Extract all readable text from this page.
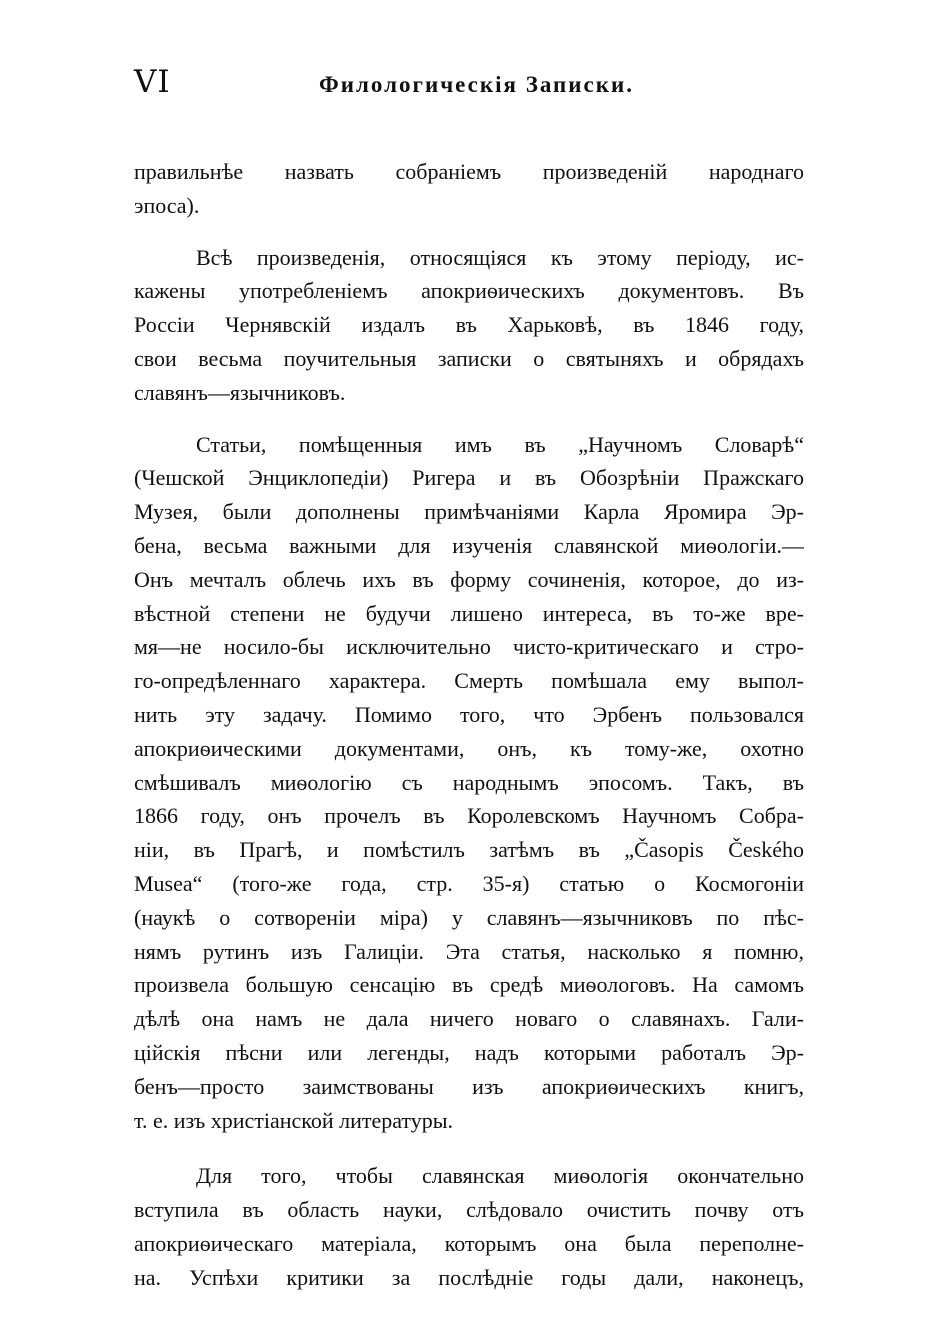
VI	Филологическія Записки.
правильнѣе назвать собраніемъ произведеній народнаго
эпоса).
Всѣ произведенія, относящіяся къ этому періоду, ис-
кажены употребленіемъ апокриѳическихъ документовъ. Въ
Россіи Чернявскій издалъ въ Харьковѣ, въ 1846 году,
свои весьма поучительныя записки о святыняхъ и обрядахъ
славянъ—язычниковъ.
Статьи, помѣщенныя имъ въ „Научномъ Словарѣ“
(Чешской Энциклопедіи) Ригера и въ Обозрѣніи Пражскаго
Музея, были дополнены примѣчаніями Карла Яромира Эр-
бена, весьма важными для изученія славянской миѳологіи.—
Онъ мечталъ облечь ихъ въ форму сочиненія, которое, до из-
вѣстной степени не будучи лишено интереса, въ то-же вре-
мя—не носило-бы исключительно чисто-критическаго и стро-
го-опредѣленнаго характера. Смерть помѣшала ему выпол-
нить эту задачу. Помимо того, что Эрбенъ пользовался
апокриѳическими документами, онъ, къ тому-же, охотно
смѣшивалъ миѳологію съ народнымъ эпосомъ. Такъ, въ
1866 году, онъ прочелъ въ Королевскомъ Научномъ Собра-
ніи, въ Прагѣ, и помѣстилъ затѣмъ въ „Časopis Českého
Musea“ (того-же года, стр. 35-я) статью о Космогоніи
(наукѣ о сотвореніи міра) у славянъ—язычниковъ по пѣс-
нямъ рутинъ изъ Галиціи. Эта статья, насколько я помню,
произвела большую сенсацію въ средѣ миѳологовъ. На самомъ
дѣлѣ она намъ не дала ничего новаго о славянахъ. Гали-
ційскія пѣсни или легенды, надъ которыми работалъ Эр-
бенъ—просто заимствованы изъ апокриѳическихъ книгъ,
т. е. изъ христіанской литературы.
Для того, чтобы славянская миѳологія окончательно
вступила въ область науки, слѣдовало очистить почву отъ
апокриѳическаго матеріала, которымъ она была переполне-
на. Успѣхи критики за послѣдніе годы дали, наконецъ,
